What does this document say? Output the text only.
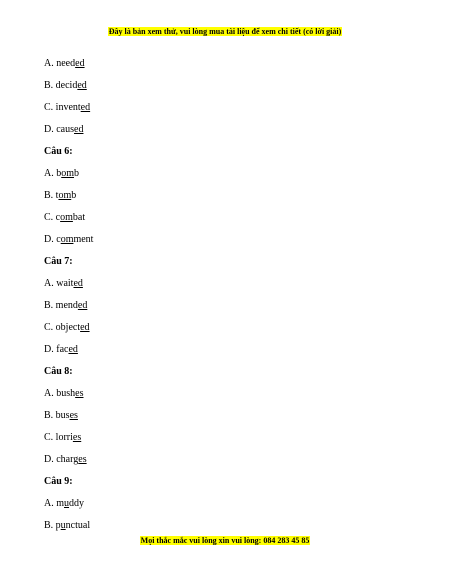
Đây là bản xem thử, vui lòng mua tài liệu để xem chi tiết (có lời giải)
A. needed
B. decided
C. invented
D. caused
Câu 6:
A. bomb
B. tomb
C. combat
D. comment
Câu 7:
A. waited
B. mended
C. objected
D. faced
Câu 8:
A. bushes
B. buses
C. lorries
D. charges
Câu 9:
A. muddy
B. punctual
Mọi thắc mắc vui lòng xin vui lòng: 084 283 45 85
